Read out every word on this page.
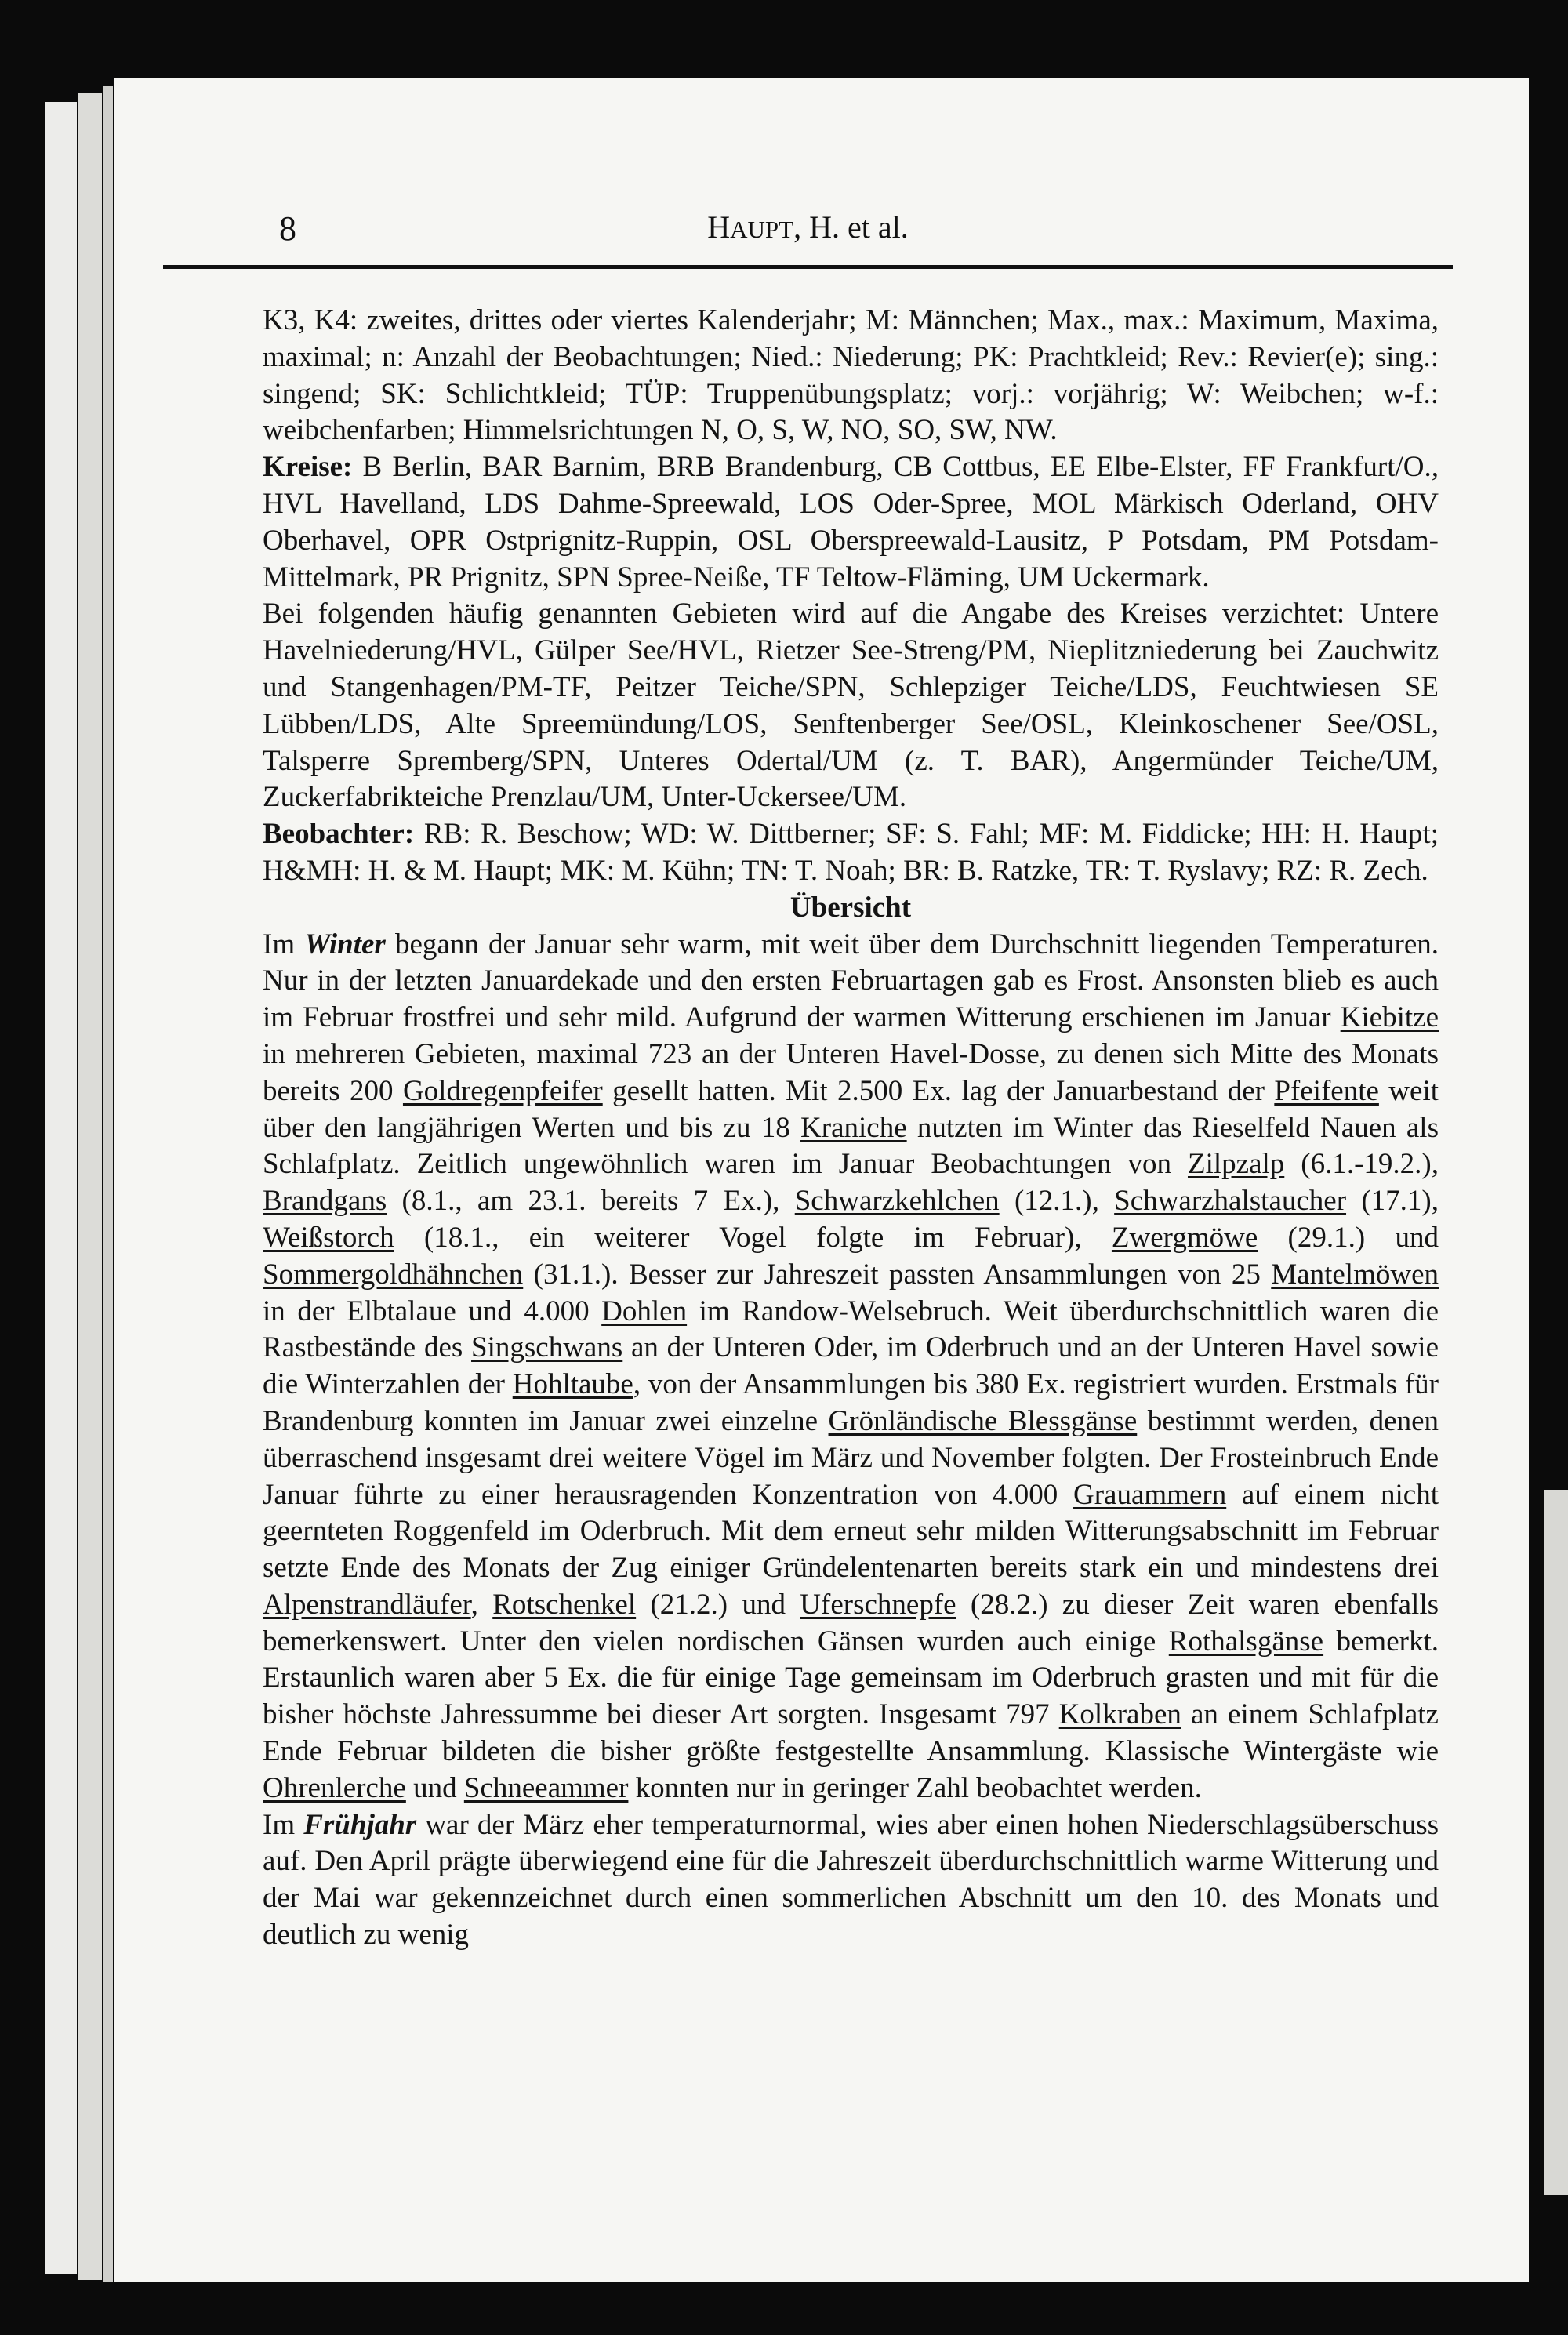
8	HAUPT, H. et al.

K3, K4: zweites, drittes oder viertes Kalenderjahr; M: Männchen; Max., max.: Maximum, Maxima, maximal; n: Anzahl der Beobachtungen; Nied.: Niederung; PK: Prachtkleid; Rev.: Revier(e); sing.: singend; SK: Schlichtkleid; TÜP: Truppenübungsplatz; vorj.: vorjährig; W: Weibchen; w-f.: weibchenfarben; Himmelsrichtungen N, O, S, W, NO, SO, SW, NW.

Kreise: B Berlin, BAR Barnim, BRB Brandenburg, CB Cottbus, EE Elbe-Elster, FF Frankfurt/O., HVL Havelland, LDS Dahme-Spreewald, LOS Oder-Spree, MOL Märkisch Oderland, OHV Oberhavel, OPR Ostprignitz-Ruppin, OSL Oberspreewald-Lausitz, P Potsdam, PM Potsdam-Mittelmark, PR Prignitz, SPN Spree-Neiße, TF Teltow-Fläming, UM Uckermark.

Bei folgenden häufig genannten Gebieten wird auf die Angabe des Kreises verzichtet: Untere Havelniederung/HVL, Gülper See/HVL, Rietzer See-Streng/PM, Nieplitzniederung bei Zauchwitz und Stangenhagen/PM-TF, Peitzer Teiche/SPN, Schlepziger Teiche/LDS, Feuchtwiesen SE Lübben/LDS, Alte Spreemündung/LOS, Senftenberger See/OSL, Kleinkoschener See/OSL, Talsperre Spremberg/SPN, Unteres Odertal/UM (z. T. BAR), Angermünder Teiche/UM, Zuckerfabrikteiche Prenzlau/UM, Unter-Uckersee/UM.

Beobachter: RB: R. Beschow; WD: W. Dittberner; SF: S. Fahl; MF: M. Fiddicke; HH: H. Haupt; H&MH: H. & M. Haupt; MK: M. Kühn; TN: T. Noah; BR: B. Ratzke, TR: T. Ryslavy; RZ: R. Zech.

Übersicht

Im Winter begann der Januar sehr warm, mit weit über dem Durchschnitt liegenden Temperaturen. Nur in der letzten Januardekade und den ersten Februartagen gab es Frost. Ansonsten blieb es auch im Februar frostfrei und sehr mild. Aufgrund der warmen Witterung erschienen im Januar Kiebitze in mehreren Gebieten, maximal 723 an der Unteren Havel-Dosse, zu denen sich Mitte des Monats bereits 200 Goldregenpfeifer gesellt hatten. Mit 2.500 Ex. lag der Januarbestand der Pfeifente weit über den langjährigen Werten und bis zu 18 Kraniche nutzten im Winter das Rieselfeld Nauen als Schlafplatz. Zeitlich ungewöhnlich waren im Januar Beobachtungen von Zilpzalp (6.1.-19.2.), Brandgans (8.1., am 23.1. bereits 7 Ex.), Schwarzkehlchen (12.1.), Schwarzhalstaucher (17.1), Weißstorch (18.1., ein weiterer Vogel folgte im Februar), Zwergmöwe (29.1.) und Sommergoldhähnchen (31.1.). Besser zur Jahreszeit passten Ansammlungen von 25 Mantelmöwen in der Elbtalaue und 4.000 Dohlen im Randow-Welsebruch. Weit überdurchschnittlich waren die Rastbestände des Singschwans an der Unteren Oder, im Oderbruch und an der Unteren Havel sowie die Winterzahlen der Hohltaube, von der Ansammlungen bis 380 Ex. registriert wurden. Erstmals für Brandenburg konnten im Januar zwei einzelne Grönländische Blessgänse bestimmt werden, denen überraschend insgesamt drei weitere Vögel im März und November folgten. Der Frosteinbruch Ende Januar führte zu einer herausragenden Konzentration von 4.000 Grauammern auf einem nicht geernteten Roggenfeld im Oderbruch. Mit dem erneut sehr milden Witterungsabschnitt im Februar setzte Ende des Monats der Zug einiger Gründelentenarten bereits stark ein und mindestens drei Alpenstrandläufer, Rotschenkel (21.2.) und Uferschnepfe (28.2.) zu dieser Zeit waren ebenfalls bemerkenswert. Unter den vielen nordischen Gänsen wurden auch einige Rothalsgänse bemerkt. Erstaunlich waren aber 5 Ex. die für einige Tage gemeinsam im Oderbruch grasten und mit für die bisher höchste Jahressumme bei dieser Art sorgten. Insgesamt 797 Kolkraben an einem Schlafplatz Ende Februar bildeten die bisher größte festgestellte Ansammlung. Klassische Wintergäste wie Ohrenlerche und Schneeammer konnten nur in geringer Zahl beobachtet werden.

Im Frühjahr war der März eher temperaturnormal, wies aber einen hohen Niederschlagsüberschuss auf. Den April prägte überwiegend eine für die Jahreszeit überdurchschnittlich warme Witterung und der Mai war gekennzeichnet durch einen sommerlichen Abschnitt um den 10. des Monats und deutlich zu wenig
